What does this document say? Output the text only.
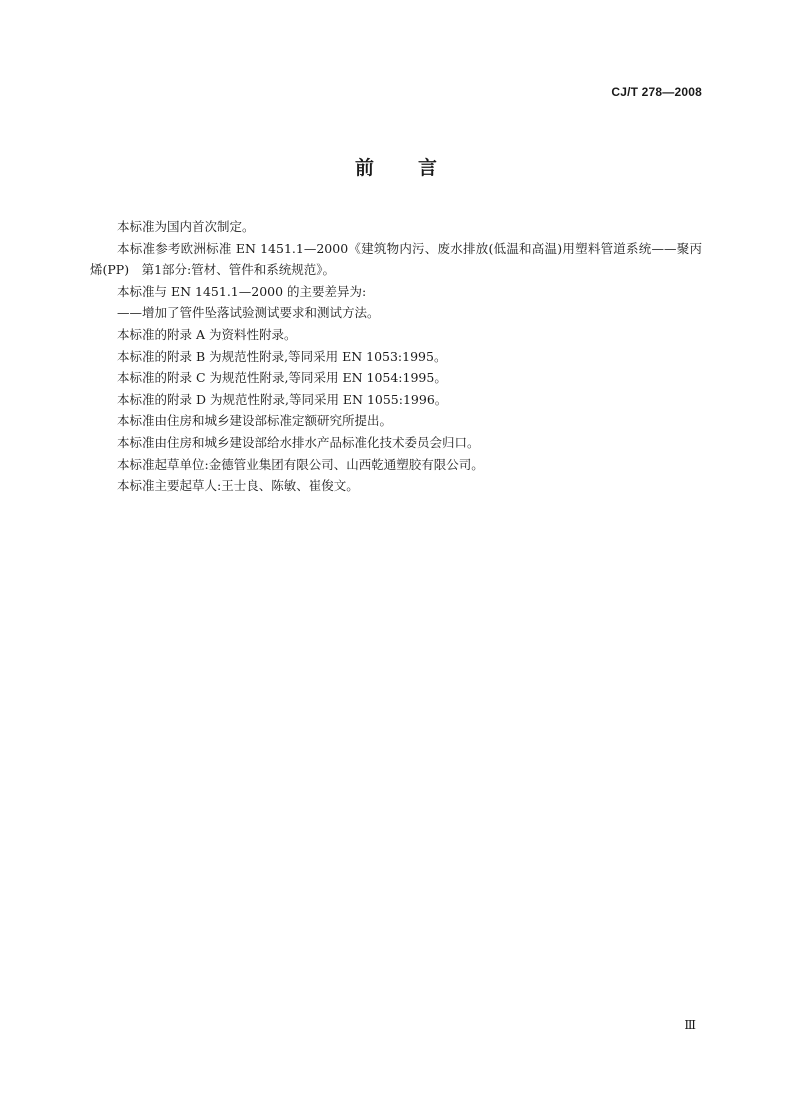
CJ/T 278—2008
前言

本标准为国内首次制定。

本标准参考欧洲标准 EN 1451.1—2000《建筑物内污、废水排放(低温和高温)用塑料管道系统——聚丙烯(PP)　第1部分:管材、管件和系统规范》。

本标准与 EN 1451.1—2000 的主要差异为:

——增加了管件坠落试验测试要求和测试方法。

本标准的附录 A 为资料性附录。

本标准的附录 B 为规范性附录,等同采用 EN 1053:1995。

本标准的附录 C 为规范性附录,等同采用 EN 1054:1995。

本标准的附录 D 为规范性附录,等同采用 EN 1055:1996。

本标准由住房和城乡建设部标准定额研究所提出。

本标准由住房和城乡建设部给水排水产品标准化技术委员会归口。

本标准起草单位:金德管业集团有限公司、山西乾通塑胶有限公司。

本标准主要起草人:王士良、陈敏、崔俊文。

Ⅲ
